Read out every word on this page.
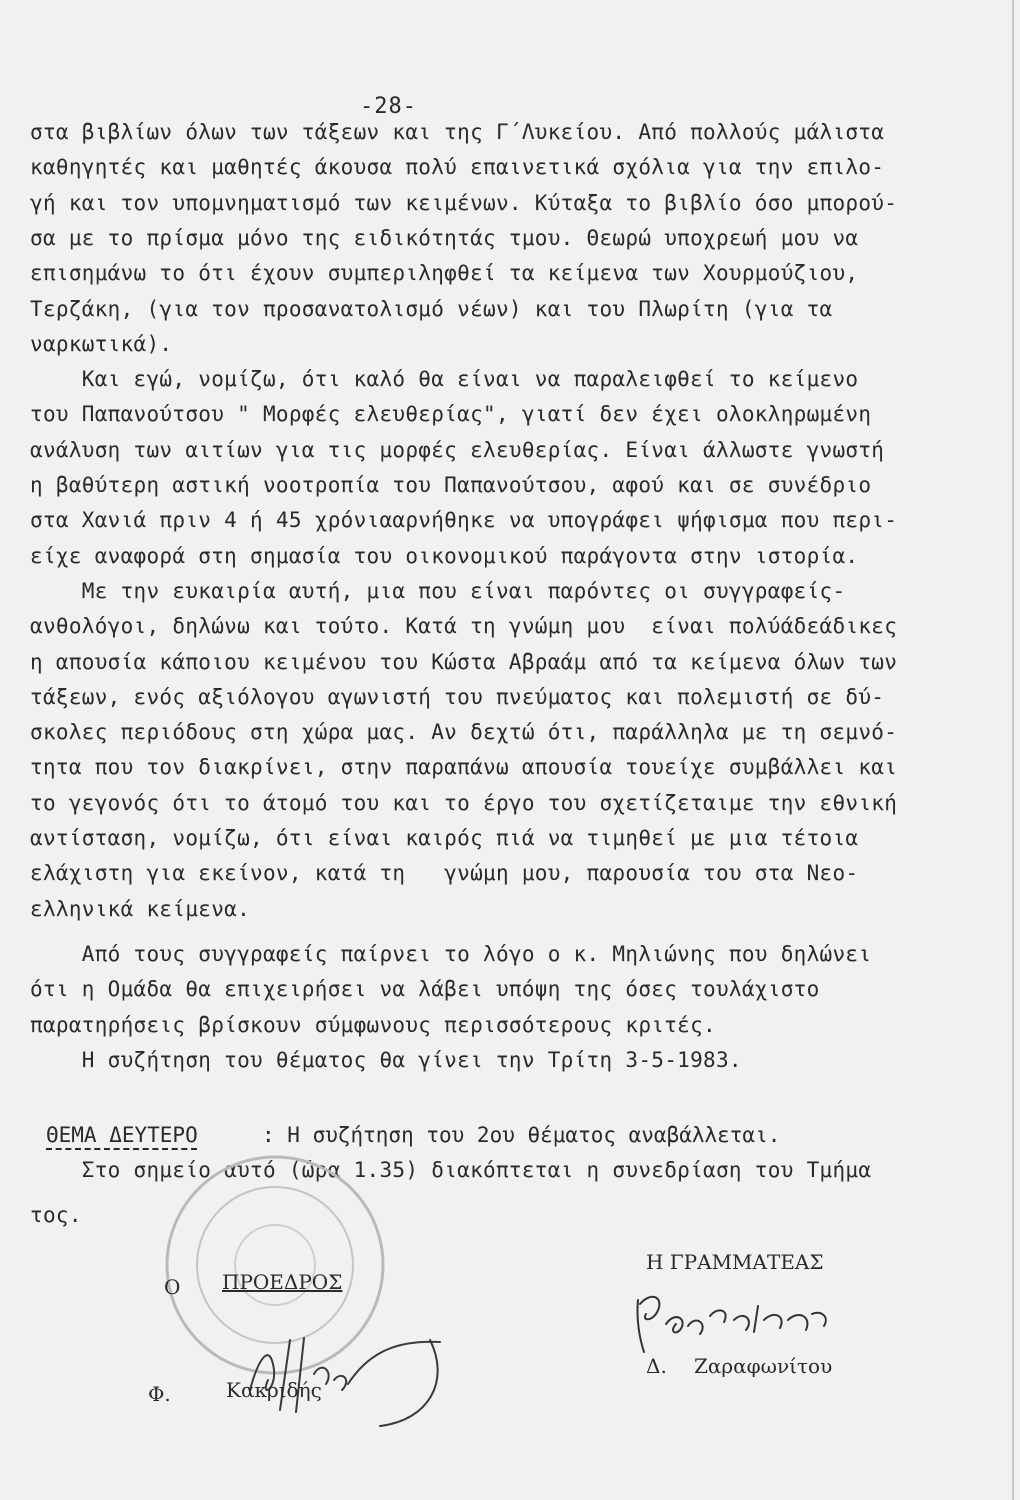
-28-
στα βιβλίων όλων των τάξεων και της Γ΄Λυκείου. Από πολλούς μάλιστα
καθηγητές και μαθητές άκουσα πολύ επαινετικά σχόλια για την επιλο-
γή και τον υπομνηματισμό των κειμένων. Κύταξα το βιβλίο όσο μπορού-
σα με το πρίσμα μόνο της ειδικότητάς τμου. Θεωρώ υποχρεωή μου να
επισημάνω το ότι έχουν συμπεριληφθεί τα κείμενα των Χουρμούζιου,
Τερζάκη, (για τον προσανατολισμό νέων) και του Πλωρίτη (για τα
ναρκωτικά).
Και εγώ, νομίζω, ότι καλό θα είναι να παραλειφθεί το κείμενο
του Παπανούτσου " Μορφές ελευθερίας", γιατί δεν έχει ολοκληρωμένη
ανάλυση των αιτίων για τις μορφές ελευθερίας. Είναι άλλωστε γνωστή
η βαθύτερη αστική νοοτροπία του Παπανούτσου, αφού και σε συνέδριο
στα Χανιά πριν 4 ή 45 χρόνιααρνήθηκε να υπογράφει ψήφισμα που περι-
είχε αναφορά στη σημασία του οικονομικού παράγοντα στην ιστορία.
Με την ευκαιρία αυτή, μια που είναι παρόντες οι συγγραφείς-
ανθολόγοι, δηλώνω και τούτο. Κατά τη γνώμη μου  είναι πολύάδεάδικες
η απουσία κάποιου κειμένου του Κώστα Αβραάμ από τα κείμενα όλων των
τάξεων, ενός αξιόλογου αγωνιστή του πνεύματος και πολεμιστή σε δύ-
σκολες περιόδους στη χώρα μας. Αν δεχτώ ότι, παράλληλα με τη σεμνό-
τητα που τον διακρίνει, στην παραπάνω απουσία τουείχε συμβάλλει και
το γεγονός ότι το άτομό του και το έργο του σχετίζεταιμε την εθνική
αντίσταση, νομίζω, ότι είναι καιρός πιά να τιμηθεί με μια τέτοια
ελάχιστη για εκείνον, κατά τη   γνώμη μου, παρουσία του στα Νεο-
ελληνικά κείμενα.
Από τους συγγραφείς παίρνει το λόγο ο κ. Μηλιώνης που δηλώνει
ότι η Ομάδα θα επιχειρήσει να λάβει υπόψη της όσες τουλάχιστο
παρατηρήσεις βρίσκουν σύμφωνους περισσότερους κριτές.
Η συζήτηση του θέματος θα γίνει την Τρίτη 3-5-1983.
ΘΕΜΑ ΔΕΥΤΕΡΟ	: Η συζήτηση του 2ου θέματος αναβάλλεται.
Στο σημείο αυτό (ώρα 1.35) διακόπτεται η συνεδρίαση του Τμήμα
τος.
Ο ΠΡΟΕΔΡΟΣ
Φ.	Κακριδής
Η ΓΡΑΜΜΑΤΕΑΣ
Δ. Ζαραφωνίτου
